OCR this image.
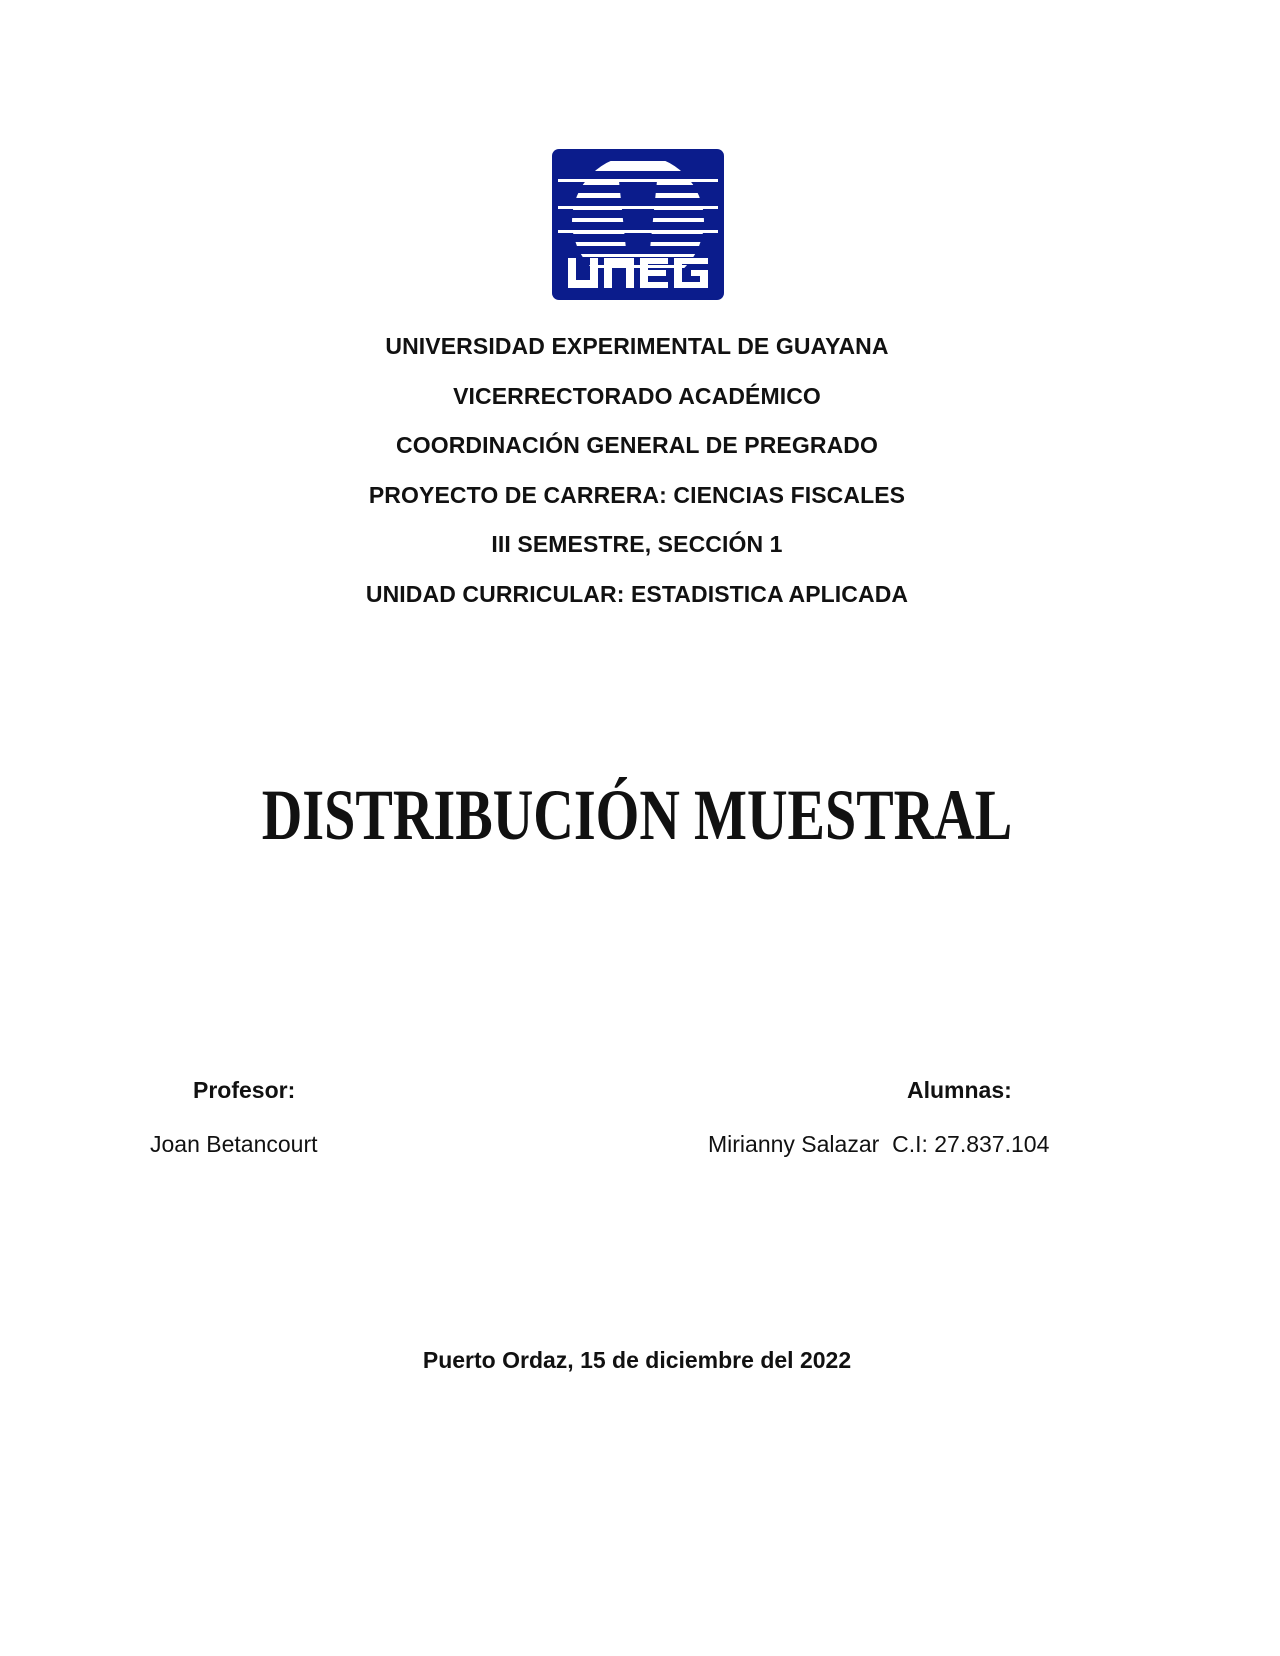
UNIVERSIDAD EXPERIMENTAL DE GUAYANA

VICERRECTORADO ACADÉMICO

COORDINACIÓN GENERAL DE PREGRADO

PROYECTO DE CARRERA: CIENCIAS FISCALES

III SEMESTRE, SECCIÓN 1

UNIDAD CURRICULAR: ESTADISTICA APLICADA

DISTRIBUCIÓN MUESTRAL

Profesor:

Joan Betancourt

Alumnas:

Mirianny Salazar C.I: 27.837.104

Puerto Ordaz, 15 de diciembre del 2022
